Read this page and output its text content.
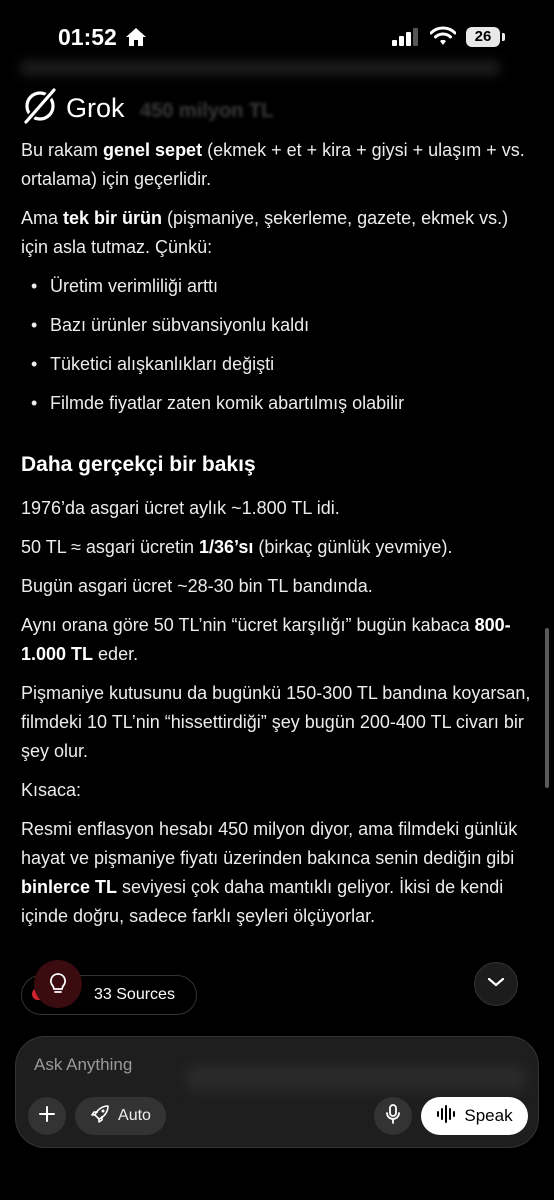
01:52	26
Grok 450 milyon TL

Bu rakam genel sepet (ekmek + et + kira + giysi + ulaşım + vs. ortalama) için geçerlidir.

Ama tek bir ürün (pişmaniye, şekerleme, gazete, ekmek vs.) için asla tutmaz. Çünkü:

• Üretim verimliliği arttı
• Bazı ürünler sübvansiyonlu kaldı
• Tüketici alışkanlıkları değişti
• Filmde fiyatlar zaten komik abartılmış olabilir
Daha gerçekçi bir bakış

1976’da asgari ücret aylık ~1.800 TL idi.

50 TL ≈ asgari ücretin 1/36’sı (birkaç günlük yevmiye).

Bugün asgari ücret ~28-30 bin TL bandında.

Aynı orana göre 50 TL’nin “ücret karşılığı” bugün kabaca 800-1.000 TL eder.

Pişmaniye kutusunu da bugünkü 150-300 TL bandına koyarsan, filmdeki 10 TL’nin “hissettirdiği” şey bugün 200-400 TL civarı bir şey olur.

Kısaca:

Resmi enflasyon hesabı 450 milyon diyor, ama filmdeki günlük hayat ve pişmaniye fiyatı üzerinden bakınca senin dediğin gibi binlerce TL seviyesi çok daha mantıklı geliyor. İkisi de kendi içinde doğru, sadece farklı şeyleri ölçüyorlar.

33 Sources
Ask Anything
Auto	Speak
